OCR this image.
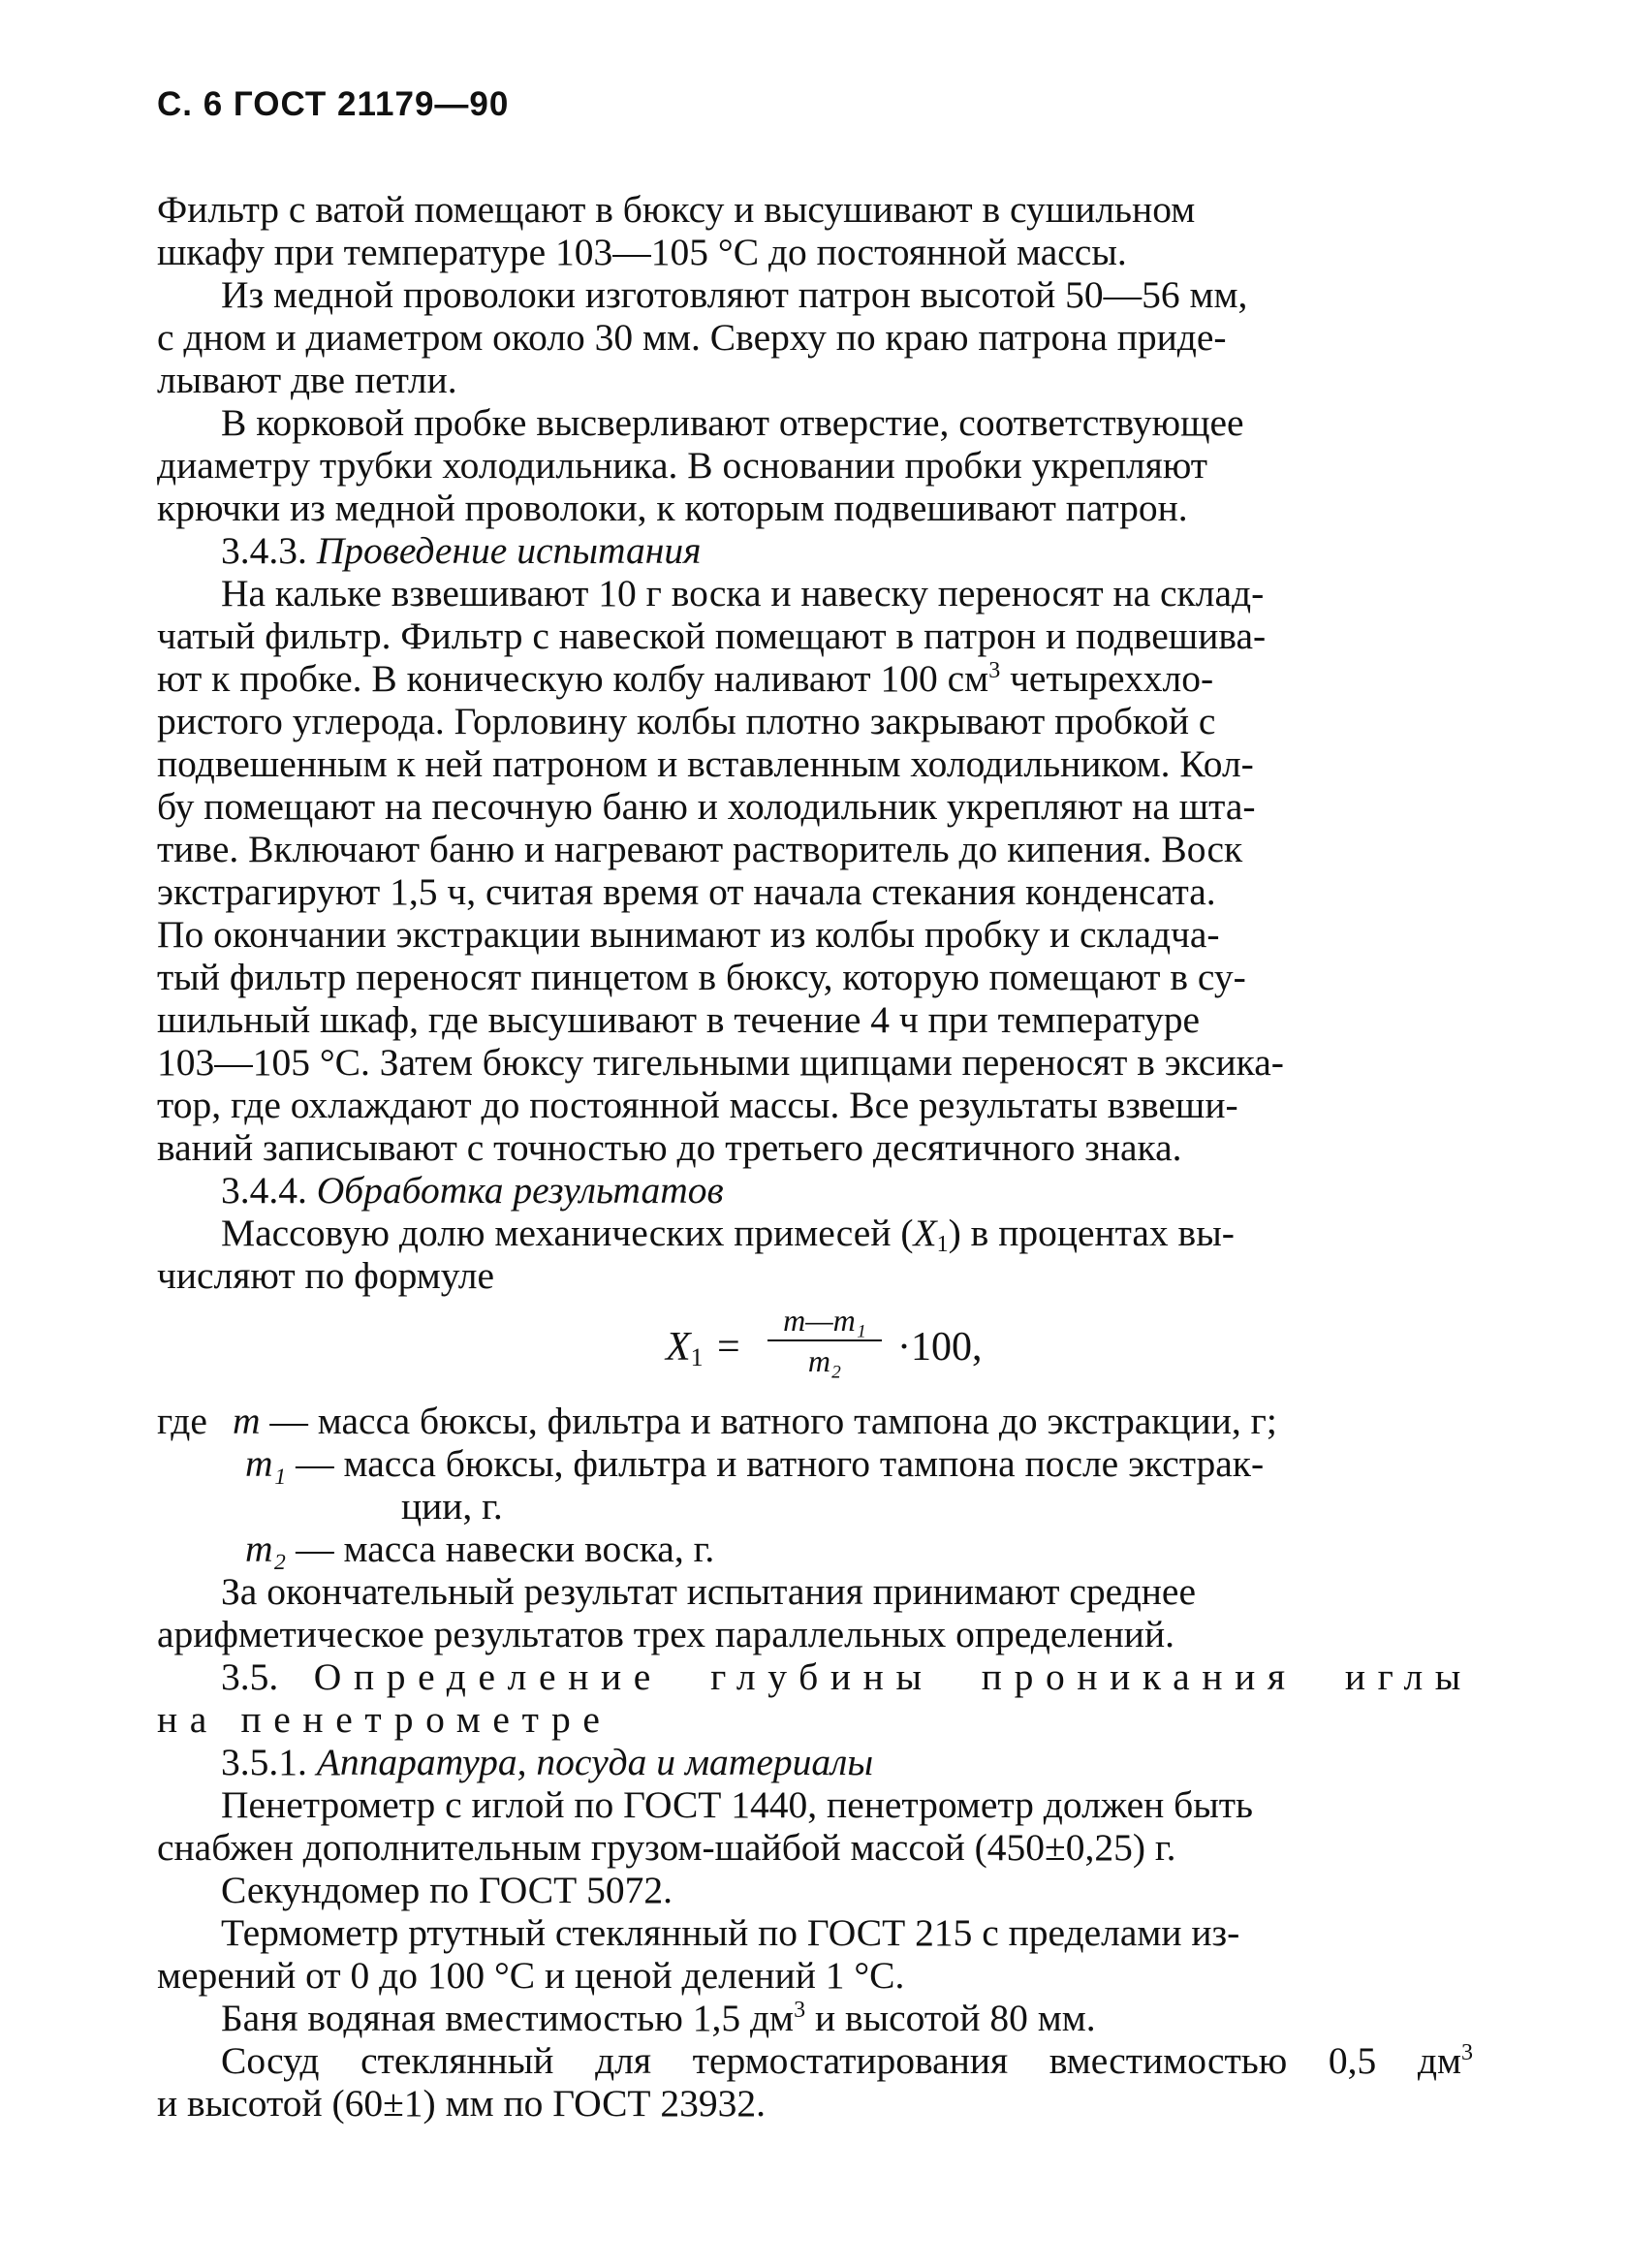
С. 6 ГОСТ 21179—90

Фильтр с ватой помещают в бюксу и высушивают в сушильном

шкафу при температуре 103—105 °С до постоянной массы.

Из медной проволоки изготовляют патрон высотой 50—56 мм,

с дном и диаметром около 30 мм. Сверху по краю патрона приде-

лывают две петли.

В корковой пробке высверливают отверстие, соответствующее

диаметру трубки холодильника. В основании пробки укрепляют

крючки из медной проволоки, к которым подвешивают патрон.

3.4.3. Проведение испытания

На кальке взвешивают 10 г воска и навеску переносят на склад-

чатый фильтр. Фильтр с навеской помещают в патрон и подвешива-

ют к пробке. В коническую колбу наливают 100 $см^3$ четыреххло-

ристого углерода. Горловину колбы плотно закрывают пробкой с

подвешенным к ней патроном и вставленным холодильником. Кол-

бу помещают на песочную баню и холодильник укрепляют на шта-

тиве. Включают баню и нагревают растворитель до кипения. Воск

экстрагируют 1,5 ч, считая время от начала стекания конденсата.

По окончании экстракции вынимают из колбы пробку и складча-

тый фильтр переносят пинцетом в бюксу, которую помещают в су-

шильный шкаф, где высушивают в течение 4 ч при температуре

103—105 °С. Затем бюксу тигельными щипцами переносят в эксика-

тор, где охлаждают до постоянной массы. Все результаты взвеши-

ваний записывают с точностью до третьего десятичного знака.

3.4.4. Обработка результатов

Массовую долю механических примесей $(X_1)$ в процентах вы-

числяют по формуле

$X_1 = \frac{\text{m—m₁}}{\text{m₂}} \cdot 100$,
где m — масса бюксы, фильтра и ватного тампона до экстракции, г;
m₁ — масса бюксы, фильтра и ватного тампона после экстрак-
ции, г.
m₂ — масса навески воска, г.

За окончательный результат испытания принимают среднее

арифметическое результатов трех параллельных определений.

3.5. Определение глубины проникания иглы

на пенетрометре

3.5.1. Аппаратура, посуда и материалы

Пенетрометр с иглой по ГОСТ 1440, пенетрометр должен быть

снабжен дополнительным грузом-шайбой массой (450±0,25) г.

Секундомер по ГОСТ 5072.

Термометр ртутный стеклянный по ГОСТ 215 с пределами из-

мерений от 0 до 100 °С и ценой делений 1 °С.

Баня водяная вместимостью 1,5 $дм^3$ и высотой 80 мм.

Сосуд стеклянный для термостатирования вместимостью 0,5 $дм^3$

и высотой (60±1) мм по ГОСТ 23932.
